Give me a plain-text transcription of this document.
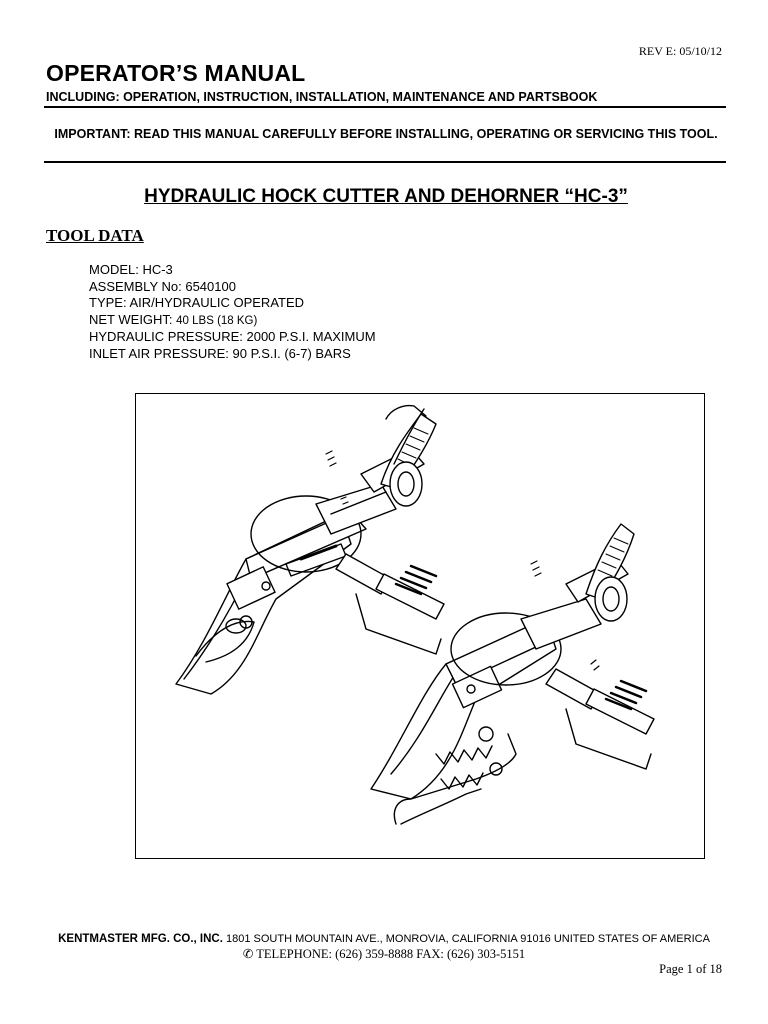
REV E: 05/10/12
OPERATOR’S MANUAL
INCLUDING: OPERATION, INSTRUCTION, INSTALLATION, MAINTENANCE AND PARTSBOOK
IMPORTANT: READ THIS MANUAL CAREFULLY BEFORE INSTALLING, OPERATING OR SERVICING THIS TOOL.
HYDRAULIC HOCK CUTTER AND DEHORNER “HC-3”
TOOL DATA
MODEL: HC-3
ASSEMBLY No: 6540100
TYPE: AIR/HYDRAULIC OPERATED
NET WEIGHT: 40 LBS (18 KG)
HYDRAULIC PRESSURE: 2000 P.S.I. MAXIMUM
INLET AIR PRESSURE: 90 P.S.I. (6-7) BARS
KENTMASTER MFG. CO., INC. 1801 SOUTH MOUNTAIN AVE., MONROVIA, CALIFORNIA 91016 UNITED STATES OF AMERICA
✆ TELEPHONE: (626) 359-8888 FAX: (626) 303-5151
Page 1 of 18
